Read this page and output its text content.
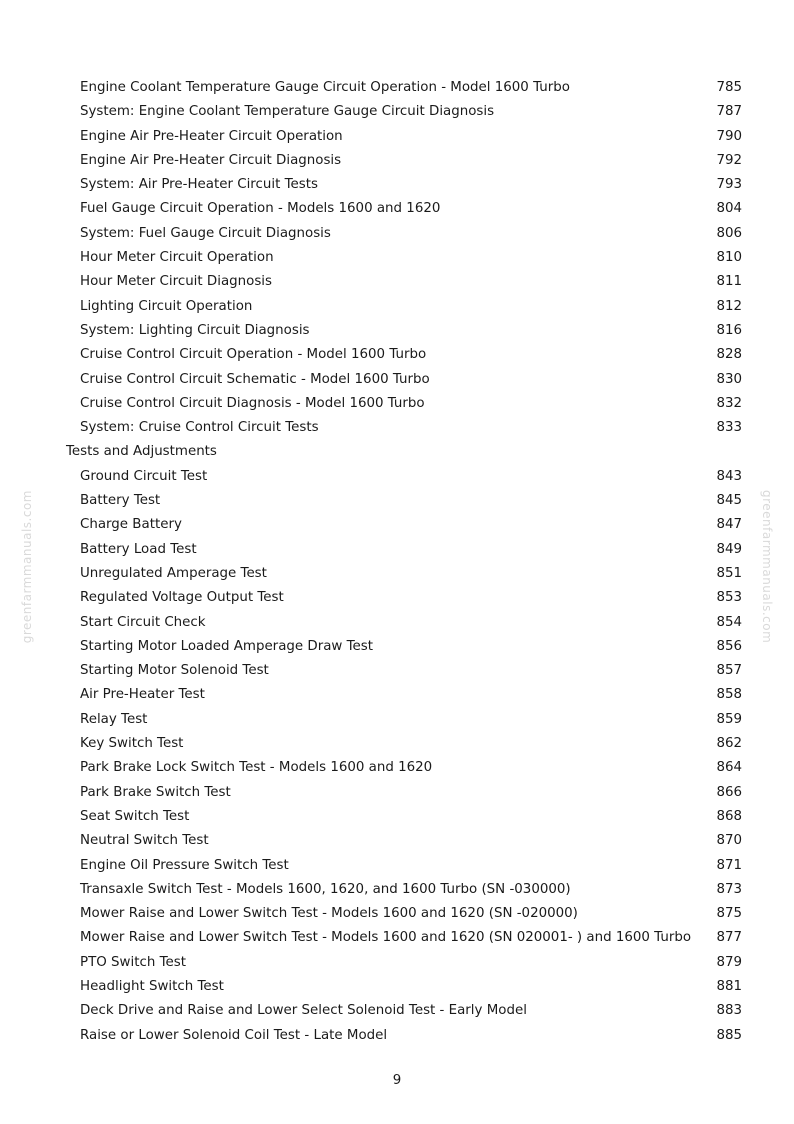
greenfarmmanuals.com	greenfarmmanuals.com
Engine Coolant Temperature Gauge Circuit Operation - Model 1600 Turbo	785
System: Engine Coolant Temperature Gauge Circuit Diagnosis	787
Engine Air Pre-Heater Circuit Operation	790
Engine Air Pre-Heater Circuit Diagnosis	792
System: Air Pre-Heater Circuit Tests	793
Fuel Gauge Circuit Operation - Models 1600 and 1620	804
System: Fuel Gauge Circuit Diagnosis	806
Hour Meter Circuit Operation	810
Hour Meter Circuit Diagnosis	811
Lighting Circuit Operation	812
System: Lighting Circuit Diagnosis	816
Cruise Control Circuit Operation - Model 1600 Turbo	828
Cruise Control Circuit Schematic - Model 1600 Turbo	830
Cruise Control Circuit Diagnosis - Model 1600 Turbo	832
System: Cruise Control Circuit Tests	833
Tests and Adjustments
Ground Circuit Test	843
Battery Test	845
Charge Battery	847
Battery Load Test	849
Unregulated Amperage Test	851
Regulated Voltage Output Test	853
Start Circuit Check	854
Starting Motor Loaded Amperage Draw Test	856
Starting Motor Solenoid Test	857
Air Pre-Heater Test	858
Relay Test	859
Key Switch Test	862
Park Brake Lock Switch Test - Models 1600 and 1620	864
Park Brake Switch Test	866
Seat Switch Test	868
Neutral Switch Test	870
Engine Oil Pressure Switch Test	871
Transaxle Switch Test - Models 1600, 1620, and 1600 Turbo (SN -030000)	873
Mower Raise and Lower Switch Test - Models 1600 and 1620 (SN -020000)	875
Mower Raise and Lower Switch Test - Models 1600 and 1620 (SN 020001- ) and 1600 Turbo 877
PTO Switch Test	879
Headlight Switch Test	881
Deck Drive and Raise and Lower Select Solenoid Test - Early Model	883
Raise or Lower Solenoid Coil Test - Late Model	885
9
